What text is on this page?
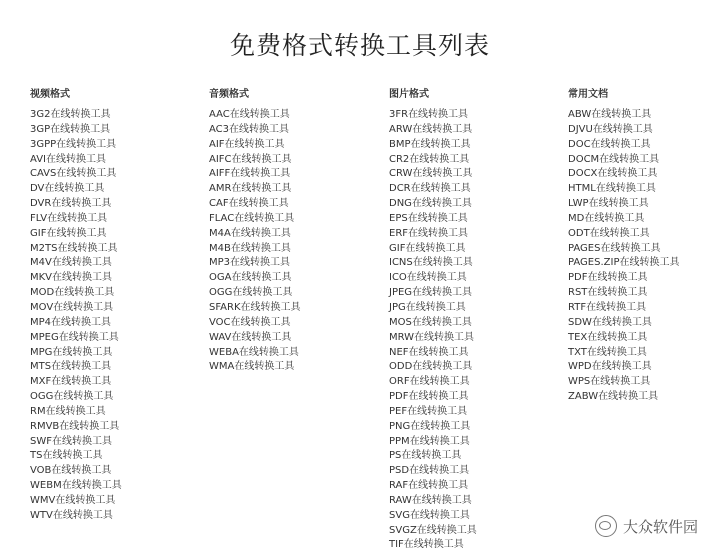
免费格式转换工具列表
视频格式
3G2在线转换工具
3GP在线转换工具
3GPP在线转换工具
AVI在线转换工具
CAVS在线转换工具
DV在线转换工具
DVR在线转换工具
FLV在线转换工具
GIF在线转换工具
M2TS在线转换工具
M4V在线转换工具
MKV在线转换工具
MOD在线转换工具
MOV在线转换工具
MP4在线转换工具
MPEG在线转换工具
MPG在线转换工具
MTS在线转换工具
MXF在线转换工具
OGG在线转换工具
RM在线转换工具
RMVB在线转换工具
SWF在线转换工具
TS在线转换工具
VOB在线转换工具
WEBM在线转换工具
WMV在线转换工具
WTV在线转换工具
音频格式
AAC在线转换工具
AC3在线转换工具
AIF在线转换工具
AIFC在线转换工具
AIFF在线转换工具
AMR在线转换工具
CAF在线转换工具
FLAC在线转换工具
M4A在线转换工具
M4B在线转换工具
MP3在线转换工具
OGA在线转换工具
OGG在线转换工具
SFARK在线转换工具
VOC在线转换工具
WAV在线转换工具
WEBA在线转换工具
WMA在线转换工具
图片格式
3FR在线转换工具
ARW在线转换工具
BMP在线转换工具
CR2在线转换工具
CRW在线转换工具
DCR在线转换工具
DNG在线转换工具
EPS在线转换工具
ERF在线转换工具
GIF在线转换工具
ICNS在线转换工具
ICO在线转换工具
JPEG在线转换工具
JPG在线转换工具
MOS在线转换工具
MRW在线转换工具
NEF在线转换工具
ODD在线转换工具
ORF在线转换工具
PDF在线转换工具
PEF在线转换工具
PNG在线转换工具
PPM在线转换工具
PS在线转换工具
PSD在线转换工具
RAF在线转换工具
RAW在线转换工具
SVG在线转换工具
SVGZ在线转换工具
TIF在线转换工具
常用文档
ABW在线转换工具
DJVU在线转换工具
DOC在线转换工具
DOCM在线转换工具
DOCX在线转换工具
HTML在线转换工具
LWP在线转换工具
MD在线转换工具
ODT在线转换工具
PAGES在线转换工具
PAGES.ZIP在线转换工具
PDF在线转换工具
RST在线转换工具
RTF在线转换工具
SDW在线转换工具
TEX在线转换工具
TXT在线转换工具
WPD在线转换工具
WPS在线转换工具
ZABW在线转换工具
大众软件园
